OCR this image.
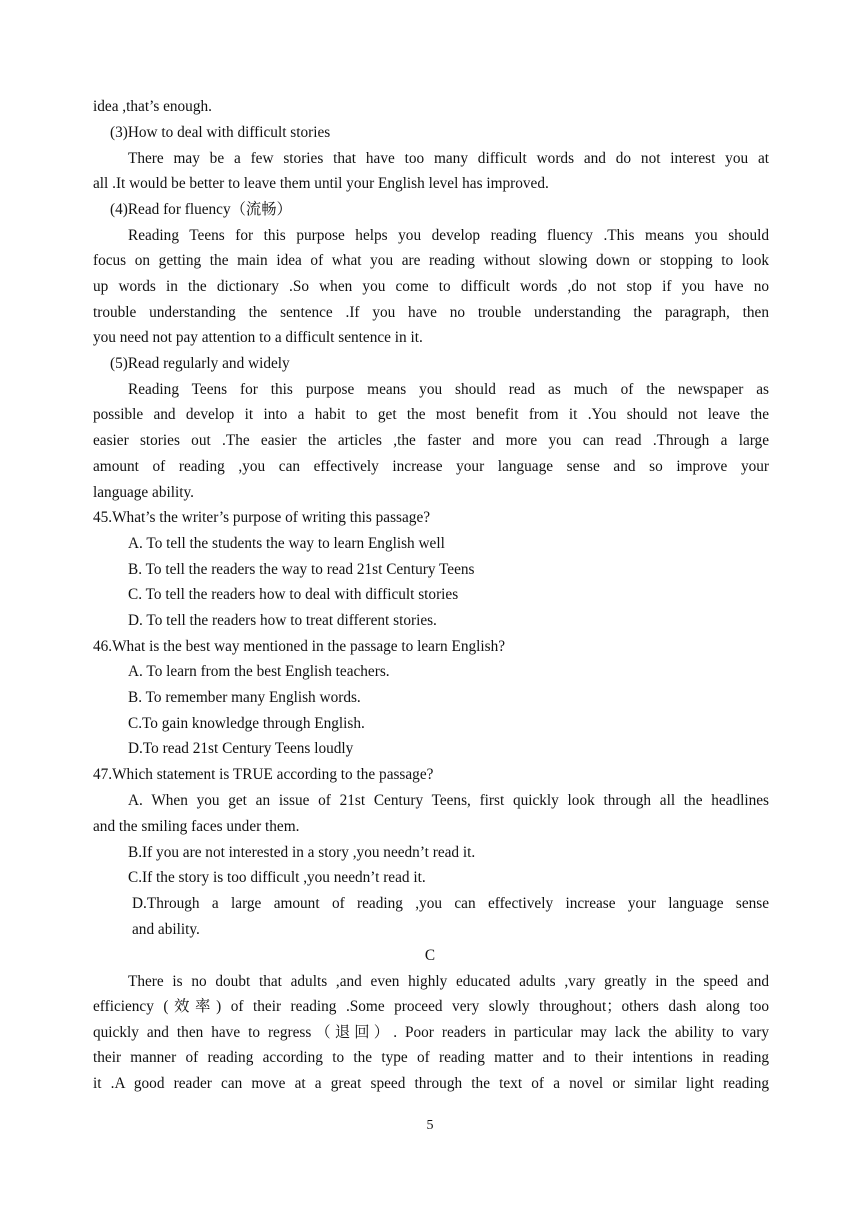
idea ,that’s enough.
(3)How to deal with difficult stories
There may be a few stories that have too many difficult words and do not interest you at
all .It would be better to leave them until your English level has improved.
(4)Read for fluency（流畅）
Reading Teens for this purpose helps you develop reading fluency .This means you should
focus on getting the main idea of what you are reading without slowing down or stopping to look
up words in the dictionary .So when you come to difficult words ,do not stop if you have no
trouble understanding the sentence .If you have no trouble understanding the paragraph, then
you need not pay attention to a difficult sentence in it.
(5)Read regularly and widely
Reading Teens for this purpose means you should read as much of the newspaper as
possible and develop it into a habit to get the most benefit from it .You should not leave the
easier stories out .The easier the articles ,the faster and more you can read .Through a large
amount of reading ,you can effectively increase your language sense and so improve your
language ability.
45.What’s the writer’s purpose of writing this passage?
A. To tell the students the way to learn English well
B. To tell the readers the way to read 21st Century Teens
C. To tell the readers how to deal with difficult stories
D. To tell the readers how to treat different stories.
46.What is the best way mentioned in the passage to learn English?
A. To learn from the best English teachers.
B. To remember many English words.
C.To gain knowledge through English.
D.To read 21st Century Teens loudly
47.Which statement is TRUE according to the passage?
A. When you get an issue of 21st Century Teens, first quickly look through all the headlines
and the smiling faces under them.
B.If you are not interested in a story ,you needn’t read it.
C.If the story is too difficult ,you needn’t read it.
D.Through a large amount of reading ,you can effectively increase your language sense
and ability.
C
There is no doubt that adults ,and even highly educated adults ,vary greatly in the speed and
efficiency (效率) of their reading .Some proceed very slowly throughout；others dash along too
quickly and then have to regress（退回）. Poor readers in particular may lack the ability to vary
their manner of reading according to the type of reading matter and to their intentions in reading
it .A good reader can move at a great speed through the text of a novel or similar light reading
5
